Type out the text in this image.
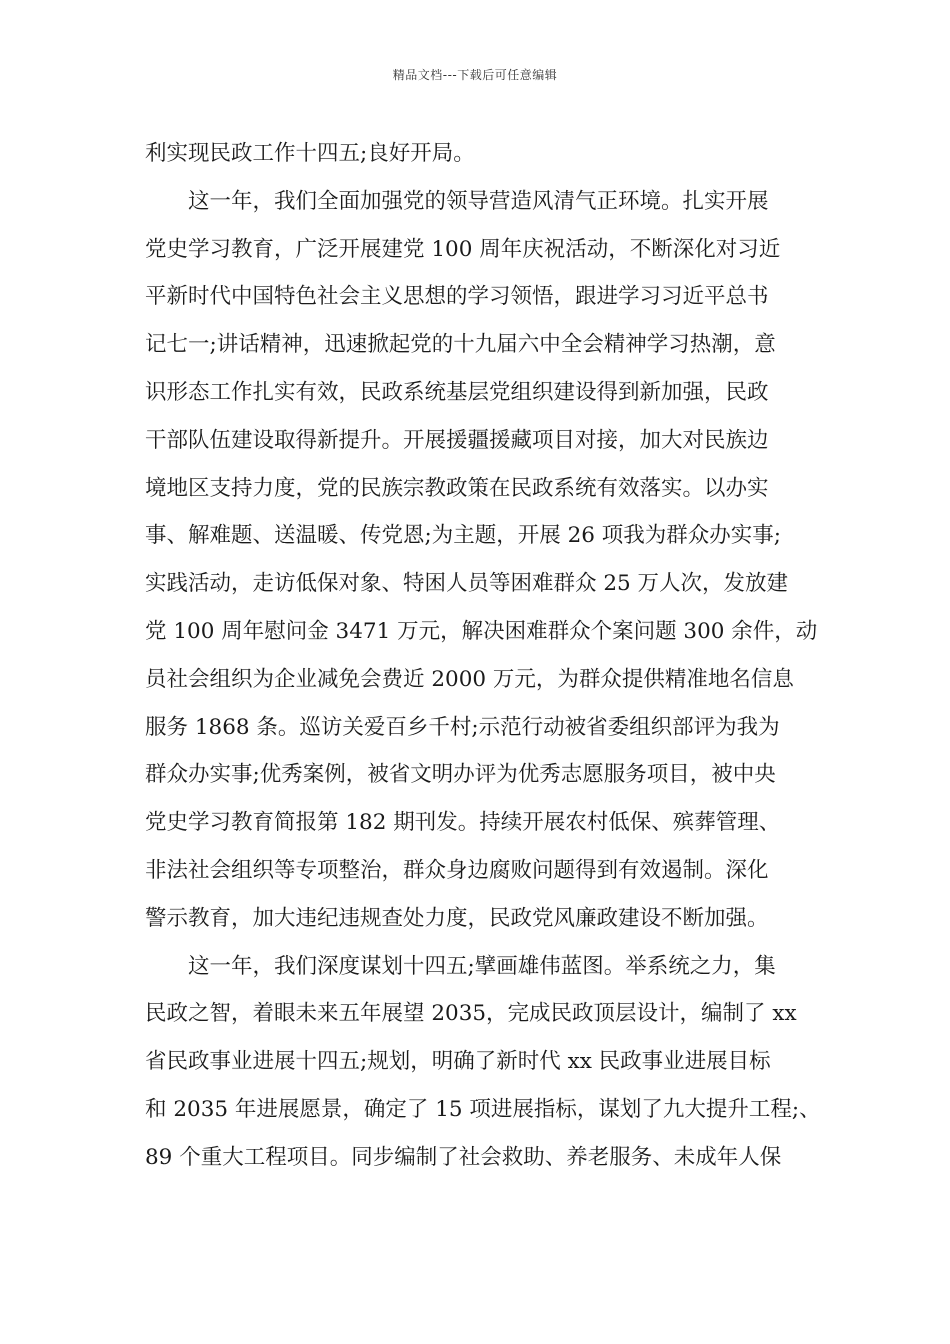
精品文档---下载后可任意编辑
利实现民政工作十四五;良好开局。
这一年，我们全面加强党的领导营造风清气正环境。扎实开展
党史学习教育，广泛开展建党 100 周年庆祝活动，不断深化对习近
平新时代中国特色社会主义思想的学习领悟，跟进学习习近平总书
记七一;讲话精神，迅速掀起党的十九届六中全会精神学习热潮，意
识形态工作扎实有效，民政系统基层党组织建设得到新加强，民政
干部队伍建设取得新提升。开展援疆援藏项目对接，加大对民族边
境地区支持力度，党的民族宗教政策在民政系统有效落实。以办实
事、解难题、送温暖、传党恩;为主题，开展 26 项我为群众办实事;
实践活动，走访低保对象、特困人员等困难群众 25 万人次，发放建
党 100 周年慰问金 3471 万元，解决困难群众个案问题 300 余件，动
员社会组织为企业减免会费近 2000 万元，为群众提供精准地名信息
服务 1868 条。巡访关爱百乡千村;示范行动被省委组织部评为我为
群众办实事;优秀案例，被省文明办评为优秀志愿服务项目，被中央
党史学习教育简报第 182 期刊发。持续开展农村低保、殡葬管理、
非法社会组织等专项整治，群众身边腐败问题得到有效遏制。深化
警示教育，加大违纪违规查处力度，民政党风廉政建设不断加强。
这一年，我们深度谋划十四五;擘画雄伟蓝图。举系统之力，集
民政之智，着眼未来五年展望 2035，完成民政顶层设计，编制了 xx
省民政事业进展十四五;规划，明确了新时代 xx 民政事业进展目标
和 2035 年进展愿景，确定了 15 项进展指标，谋划了九大提升工程;、
89 个重大工程项目。同步编制了社会救助、养老服务、未成年人保
